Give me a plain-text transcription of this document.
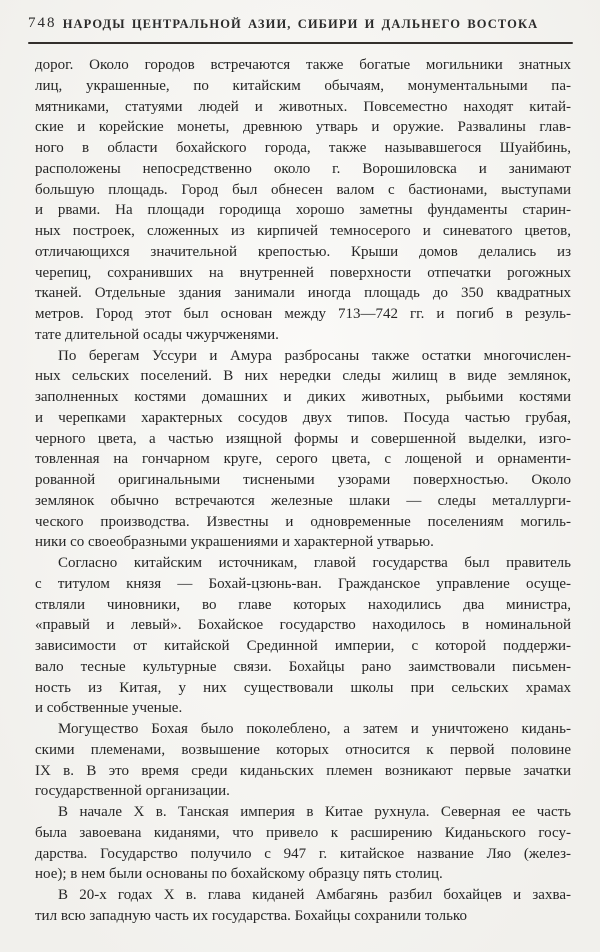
748 НАРОДЫ ЦЕНТРАЛЬНОЙ АЗИИ, СИБИРИ И ДАЛЬНЕГО ВОСТОКА
дорог. Около городов встречаются также богатые могильники знатных
лиц, украшенные, по китайским обычаям, монументальными па-
мятниками, статуями людей и животных. Повсеместно находят китай-
ские и корейские монеты, древнюю утварь и оружие. Развалины глав-
ного в области бохайского города, также называвшегося Шуайбинь,
расположены непосредственно около г. Ворошиловска и занимают
большую площадь. Город был обнесен валом с бастионами, выступами
и рвами. На площади городища хорошо заметны фундаменты старин-
ных построек, сложенных из кирпичей темносерого и синеватого цветов,
отличающихся значительной крепостью. Крыши домов делались из
черепиц, сохранивших на внутренней поверхности отпечатки рогожных
тканей. Отдельные здания занимали иногда площадь до 350 квадратных
метров. Город этот был основан между 713—742 гг. и погиб в резуль-
тате длительной осады чжурчженями.
По берегам Уссури и Амура разбросаны также остатки многочислен-
ных сельских поселений. В них нередки следы жилищ в виде землянок,
заполненных костями домашних и диких животных, рыбьими костями
и черепками характерных сосудов двух типов. Посуда частью грубая,
черного цвета, а частью изящной формы и совершенной выделки, изго-
товленная на гончарном круге, серого цвета, с лощеной и орнаменти-
рованной оригинальными тиснеными узорами поверхностью. Около
землянок обычно встречаются железные шлаки — следы металлурги-
ческого производства. Известны и одновременные поселениям могиль-
ники со своеобразными украшениями и характерной утварью.
Согласно китайским источникам, главой государства был правитель
с титулом князя — Бохай-цзюнь-ван. Гражданское управление осуще-
ствляли чиновники, во главе которых находились два министра,
«правый и левый». Бохайское государство находилось в номинальной
зависимости от китайской Срединной империи, с которой поддержи-
вало тесные культурные связи. Бохайцы рано заимствовали письмен-
ность из Китая, у них существовали школы при сельских храмах
и собственные ученые.
Могущество Бохая было поколеблено, а затем и уничтожено кидань-
скими племенами, возвышение которых относится к первой половине
IX в. В это время среди киданьских племен возникают первые зачатки
государственной организации.
В начале X в. Танская империя в Китае рухнула. Северная ее часть
была завоевана киданями, что привело к расширению Киданьского госу-
дарства. Государство получило с 947 г. китайское название Ляо (желез-
ное); в нем были основаны по бохайскому образцу пять столиц.
В 20-х годах X в. глава киданей Амбагянь разбил бохайцев и захва-
тил всю западную часть их государства. Бохайцы сохранили только
